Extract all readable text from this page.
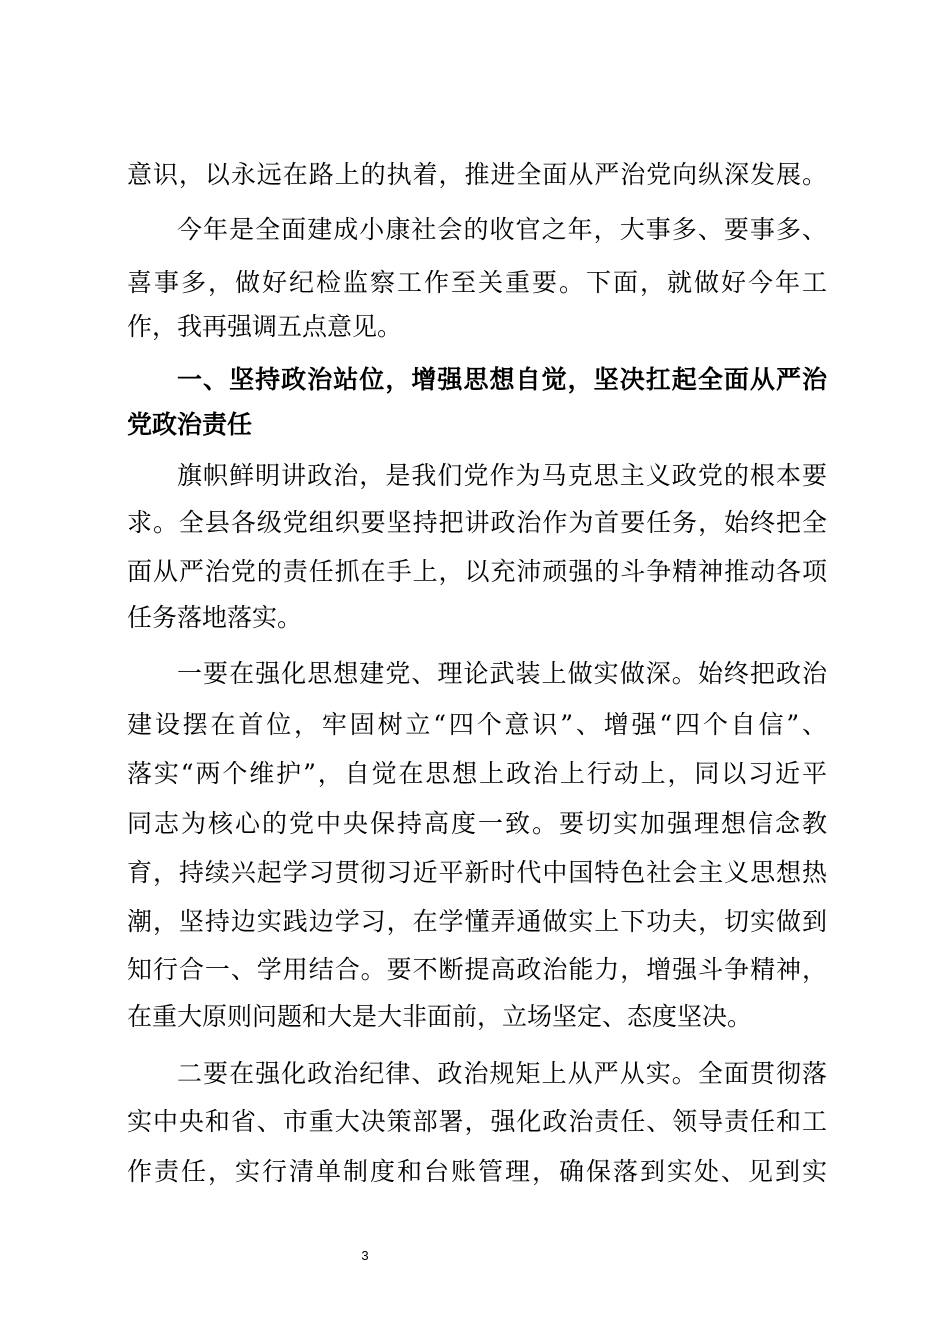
意识，以永远在路上的执着，推进全面从严治党向纵深发展。
今年是全面建成小康社会的收官之年，大事多、要事多、
喜事多，做好纪检监察工作至关重要。下面，就做好今年工
作，我再强调五点意见。
一、坚持政治站位，增强思想自觉，坚决扛起全面从严治
党政治责任
旗帜鲜明讲政治，是我们党作为马克思主义政党的根本要
求。全县各级党组织要坚持把讲政治作为首要任务，始终把全
面从严治党的责任抓在手上，以充沛顽强的斗争精神推动各项
任务落地落实。
一要在强化思想建党、理论武装上做实做深。始终把政治
建设摆在首位，牢固树立“四个意识”、增强“四个自信”、
落实“两个维护”，自觉在思想上政治上行动上，同以习近平
同志为核心的党中央保持高度一致。要切实加强理想信念教
育，持续兴起学习贯彻习近平新时代中国特色社会主义思想热
潮，坚持边实践边学习，在学懂弄通做实上下功夫，切实做到
知行合一、学用结合。要不断提高政治能力，增强斗争精神，
在重大原则问题和大是大非面前，立场坚定、态度坚决。
二要在强化政治纪律、政治规矩上从严从实。全面贯彻落
实中央和省、市重大决策部署，强化政治责任、领导责任和工
作责任，实行清单制度和台账管理，确保落到实处、见到实
3
